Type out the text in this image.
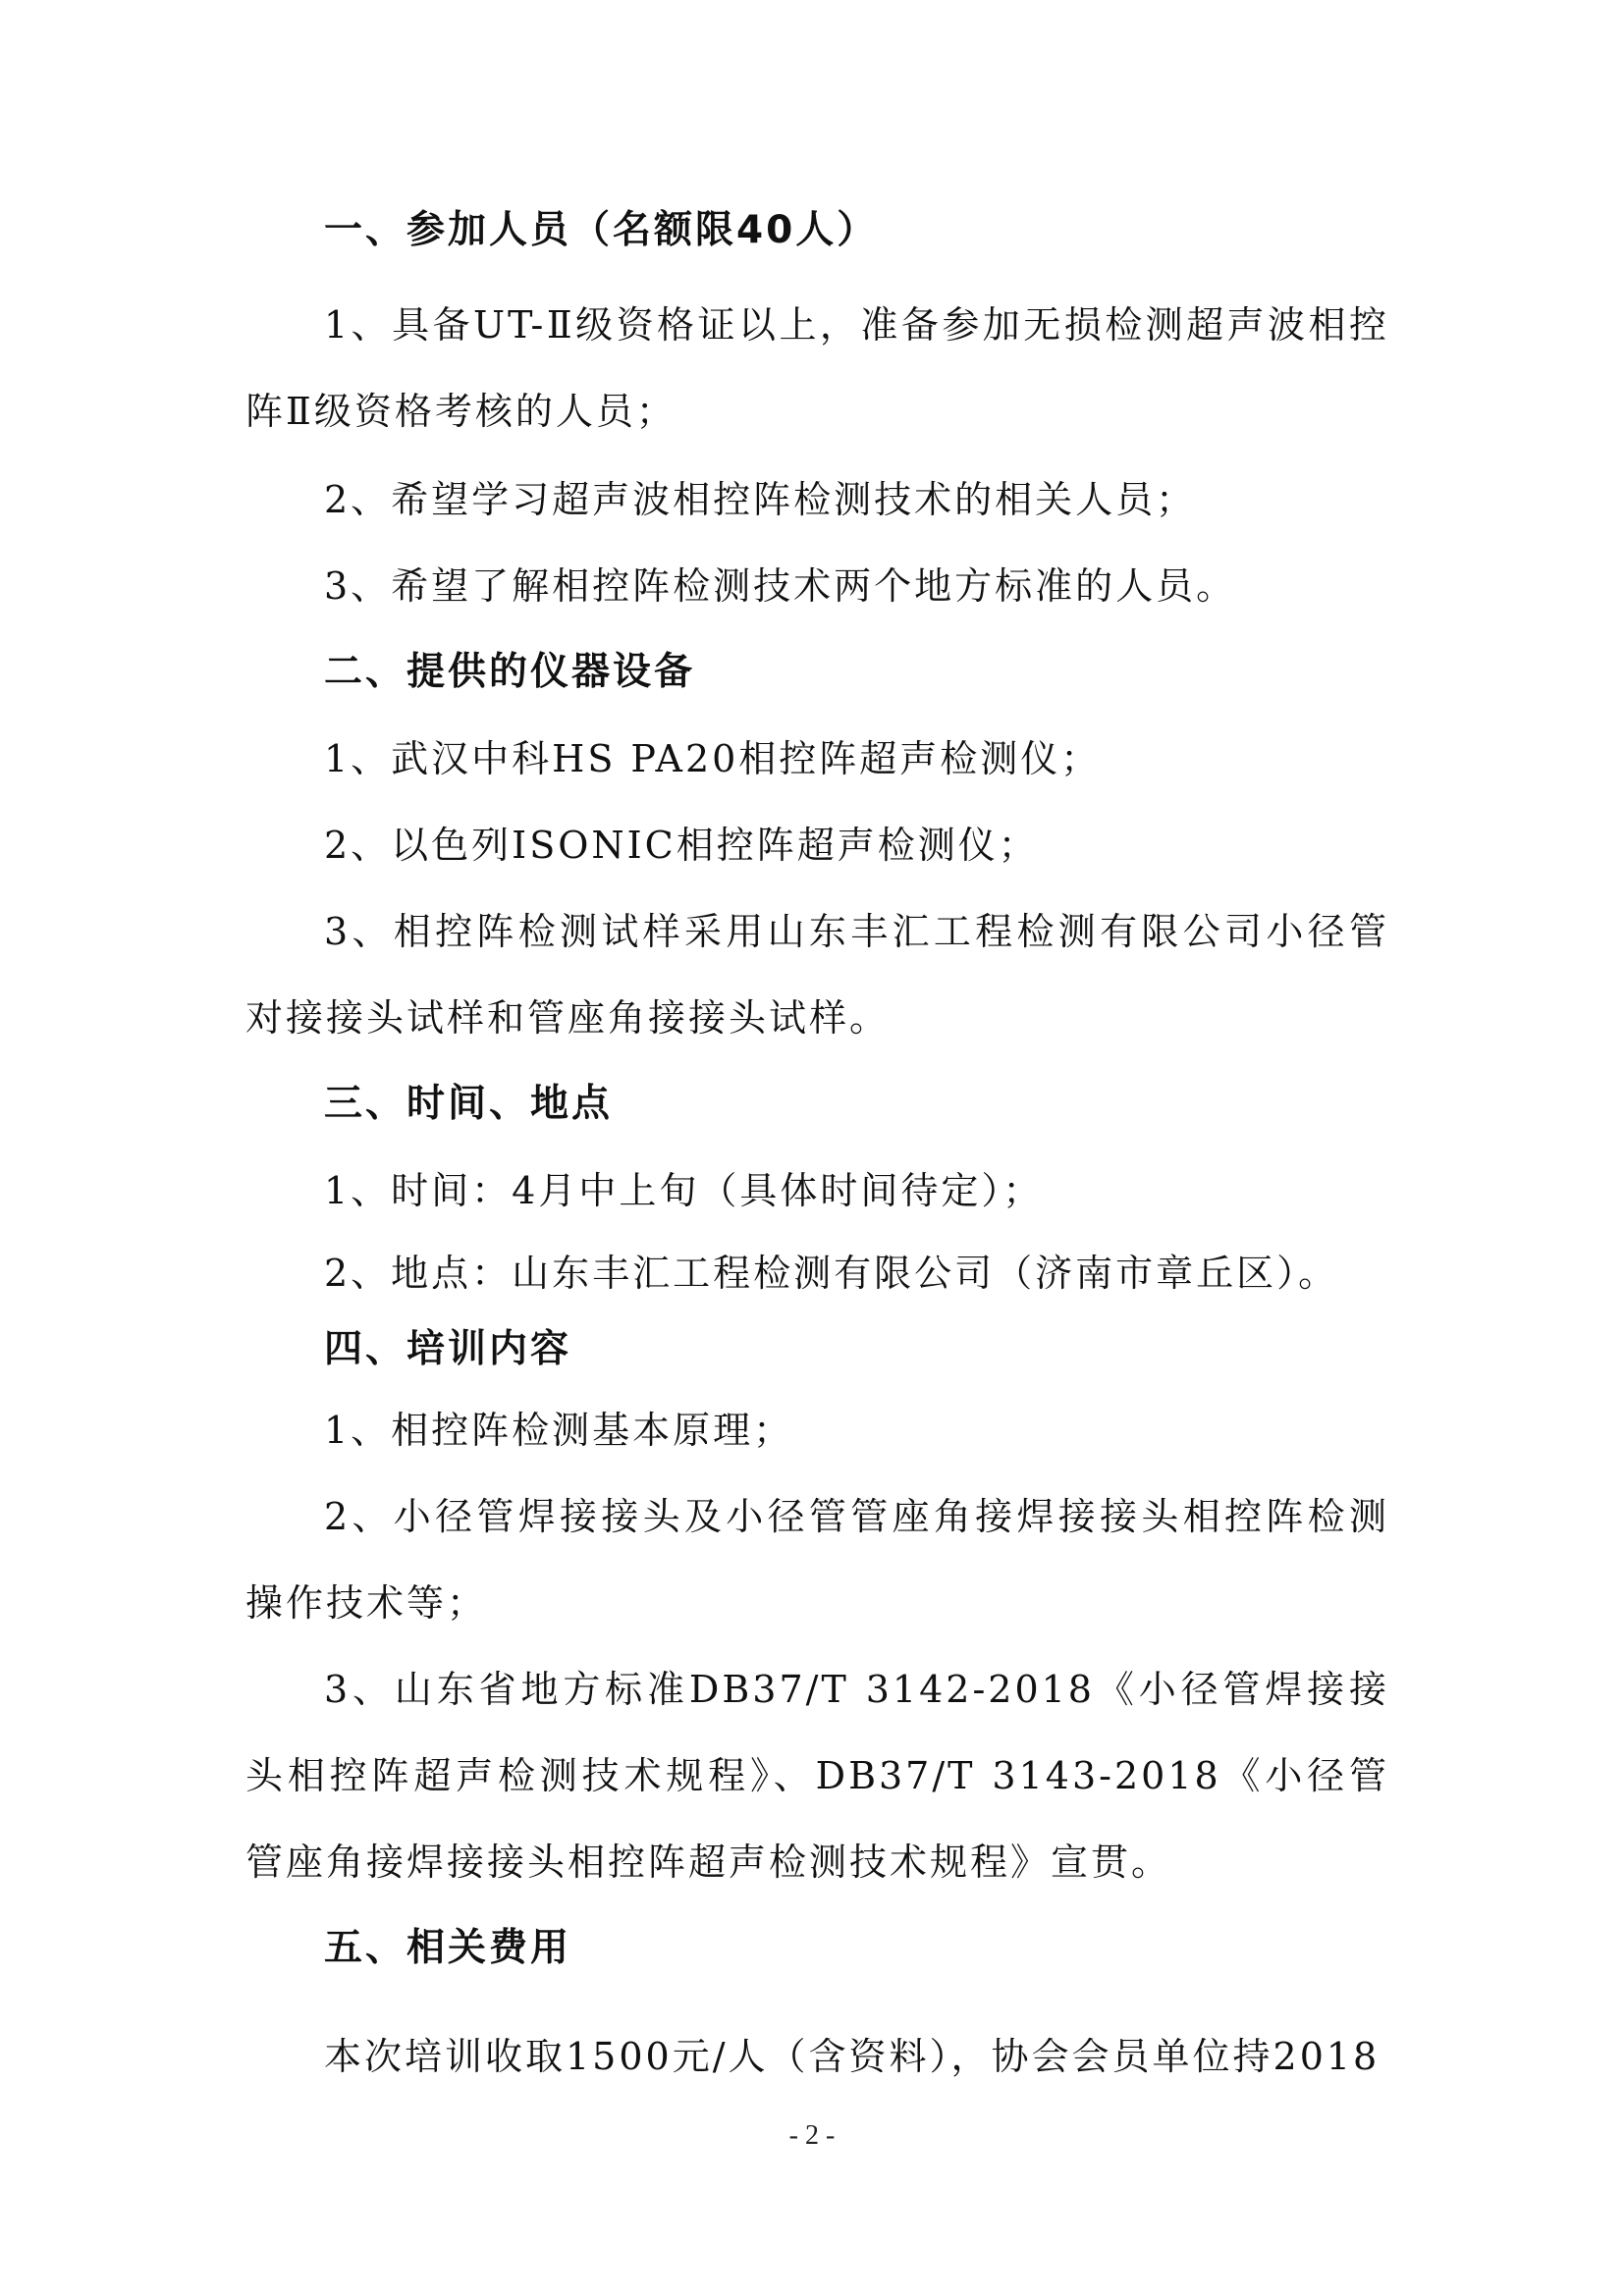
一、参加人员（名额限40人）
1、具备UT-Ⅱ级资格证以上，准备参加无损检测超声波相控阵Ⅱ级资格考核的人员；
2、希望学习超声波相控阵检测技术的相关人员；
3、希望了解相控阵检测技术两个地方标准的人员。
二、提供的仪器设备
1、武汉中科HS PA20相控阵超声检测仪；
2、以色列ISONIC相控阵超声检测仪；
3、相控阵检测试样采用山东丰汇工程检测有限公司小径管对接接头试样和管座角接接头试样。
三、时间、地点
1、时间：4月中上旬（具体时间待定）；
2、地点：山东丰汇工程检测有限公司（济南市章丘区）。
四、培训内容
1、相控阵检测基本原理；
2、小径管焊接接头及小径管管座角接焊接接头相控阵检测操作技术等；
3、山东省地方标准DB37/T 3142-2018《小径管焊接接头相控阵超声检测技术规程》、DB37/T 3143-2018《小径管管座角接焊接接头相控阵超声检测技术规程》宣贯。
五、相关费用
本次培训收取1500元/人（含资料），协会会员单位持2018
- 2 -
